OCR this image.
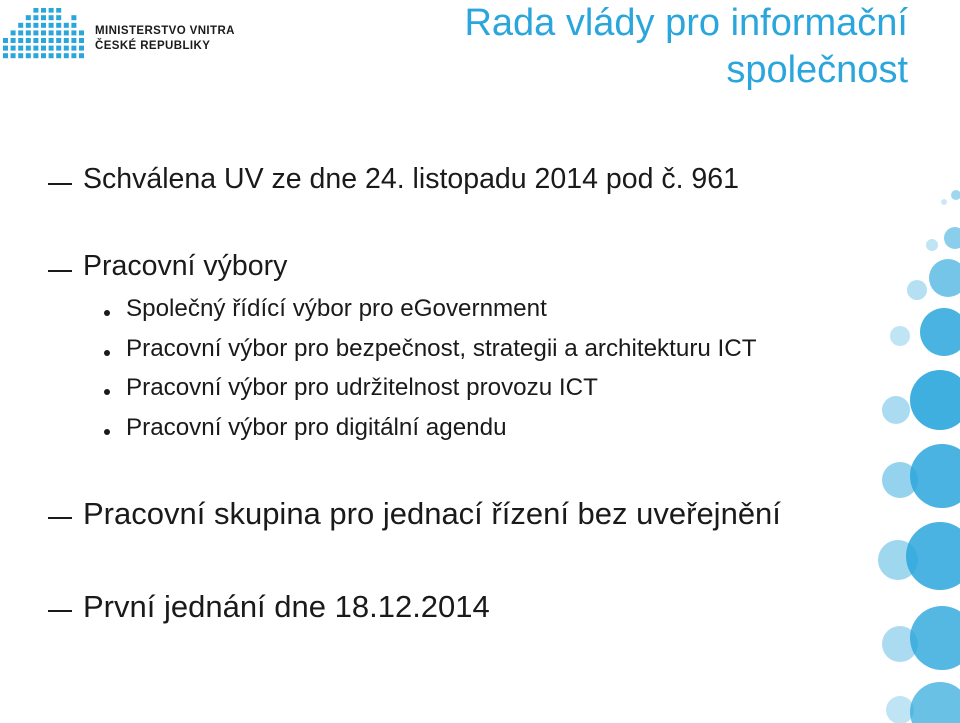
MINISTERSTVO VNITRA
ČESKÉ REPUBLIKY
Rada vlády pro informační
společnost
Schválena UV ze dne 24. listopadu 2014 pod č. 961
Pracovní výbory
Společný řídící výbor pro eGovernment
Pracovní výbor pro bezpečnost, strategii a architekturu ICT
Pracovní výbor pro udržitelnost provozu ICT
Pracovní výbor pro digitální agendu
Pracovní skupina pro jednací řízení bez uveřejnění
První jednání dne 18.12.2014
